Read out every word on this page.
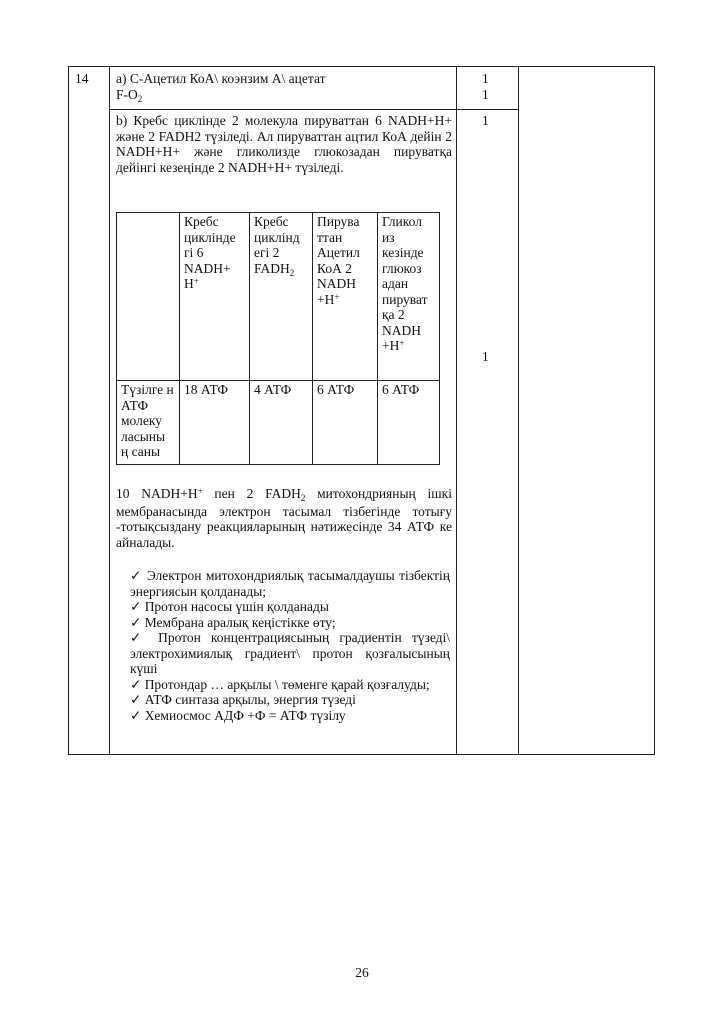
14 a) C-Ацетил КоА\ коэнзим А\ ацетат
$F-O_2$
1
1
b) Кребс циклінде 2 молекула пируваттан 6 NADH+H+ және 2 FADH2 түзіледі. Ал пируваттан ацтил КоА дейін 2 NADH+H+ және гликолизде глюкозадан пируватқа дейінгі кезеңінде 2 NADH+H+ түзіледі.
1
1
	Кребс циклінде гі 6 NADH+ H+	Кребс циклінд егі 2 $FADH_2$	Пирува ттан Ацетил КоА 2 NADH +H+	Гликол из кезінде глюкоз адан пируват қа 2 NADH +H+
Түзілге н АТФ молеку ласыны ң саны	18 АТФ	4 АТФ	6 АТФ	6 АТФ
10 NADH+H+ пен 2 $FADH_2$ митохондрияның ішкі мембранасында электрон тасымал тізбегінде тотығу -тотықсыздану реакцияларының нәтижесінде 34 АТФ ке айналады.
✓ Электрон митохондриялық тасымалдаушы тізбектің энергиясын қолданады;
✓ Протон насосы үшін қолданады
✓ Мембрана аралық кеңістікке өту;
✓ Протон концентрациясының градиентін түзеді\ электрохимиялық градиент\ протон қозғалысының күші
✓ Протондар … арқылы \ төменге қарай қозғалуды;
✓ АТФ синтаза арқылы, энергия түзеді
✓ Хемиосмос АДФ +Ф = АТФ түзілу
26
